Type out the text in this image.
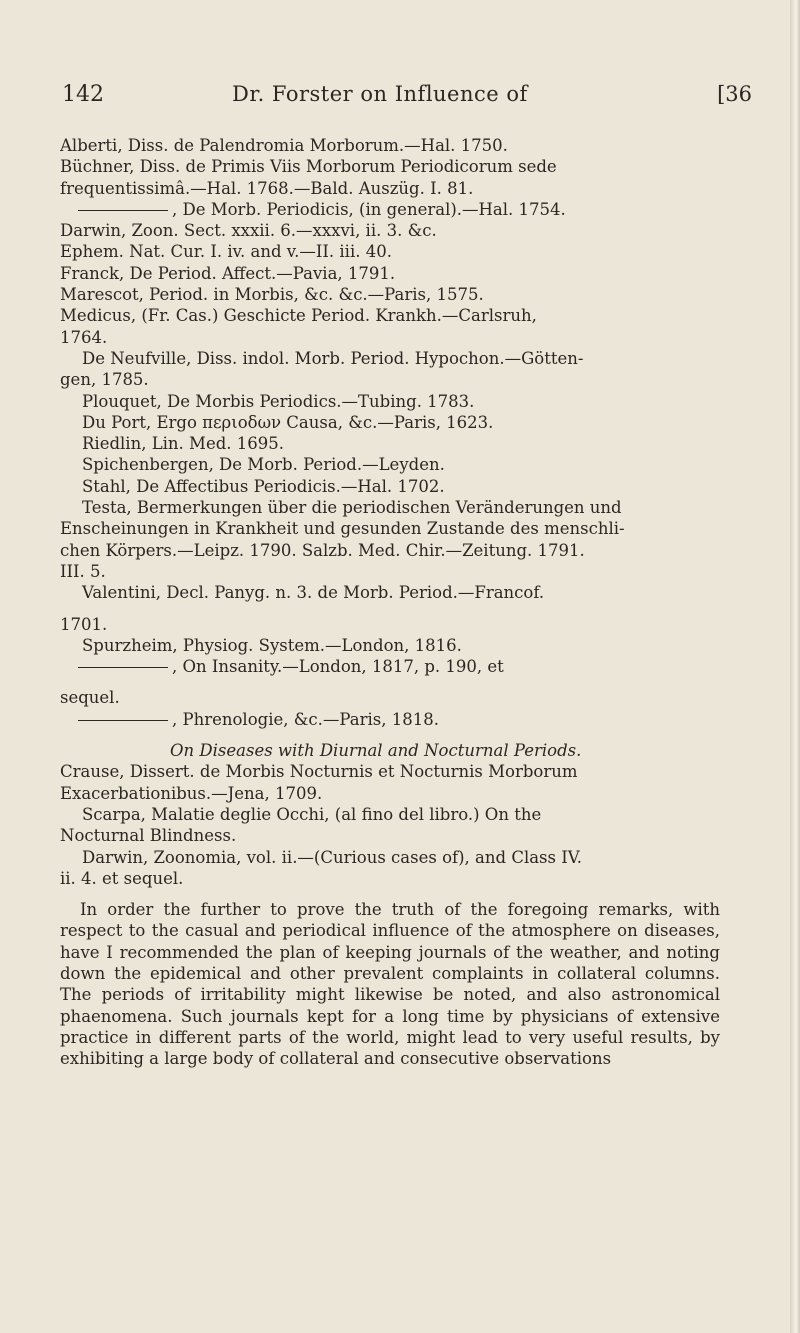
142	Dr. Forster on Influence of	[36
Alberti, Diss. de Palendromia Morborum.—Hal. 1750.
Büchner, Diss. de Primis Viis Morborum Periodicorum sede
frequentissimâ.—Hal. 1768.—Bald. Auszüg. I. 81.
, De Morb. Periodicis, (in general).—Hal. 1754.
Darwin, Zoon. Sect. xxxii. 6.—xxxvi, ii. 3. &c.
Ephem. Nat. Cur. I. iv. and v.—II. iii. 40.
Franck, De Period. Affect.—Pavia, 1791.
Marescot, Period. in Morbis, &c. &c.—Paris, 1575.
Medicus, (Fr. Cas.) Geschicte Period. Krankh.—Carlsruh,
1764.
De Neufville, Diss. indol. Morb. Period. Hypochon.—Götten-
gen, 1785.
Plouquet, De Morbis Periodics.—Tubing. 1783.
Du Port, Ergo περιοδων Causa, &c.—Paris, 1623.
Riedlin, Lin. Med. 1695.
Spichenbergen, De Morb. Period.—Leyden.
Stahl, De Affectibus Periodicis.—Hal. 1702.
Testa, Bermerkungen über die periodischen Veränderungen und
Enscheinungen in Krankheit und gesunden Zustande des menschli-
chen Körpers.—Leipz. 1790. Salzb. Med. Chir.—Zeitung. 1791.
III. 5.
Valentini, Decl. Panyg. n. 3. de Morb. Period.—Francof.
1701.
Spurzheim, Physiog. System.—London, 1816.
, On Insanity.—London, 1817, p. 190, et
sequel.
, Phrenologie, &c.—Paris, 1818.
On Diseases with Diurnal and Nocturnal Periods.
Crause, Dissert. de Morbis Nocturnis et Nocturnis Morborum
Exacerbationibus.—Jena, 1709.
Scarpa, Malatie deglie Occhi, (al fino del libro.) On the
Nocturnal Blindness.
Darwin, Zoonomia, vol. ii.—(Curious cases of), and Class IV.
ii. 4. et sequel.

In order the further to prove the truth of the foregoing remarks, with respect to the casual and periodical influence of the atmosphere on diseases, have I recommended the plan of keeping journals of the weather, and noting down the epidemical and other prevalent complaints in collateral columns. The periods of irritability might likewise be noted, and also astronomical phaenomena. Such journals kept for a long time by physicians of extensive practice in different parts of the world, might lead to very useful results, by exhibiting a large body of collateral and consecutive observations
